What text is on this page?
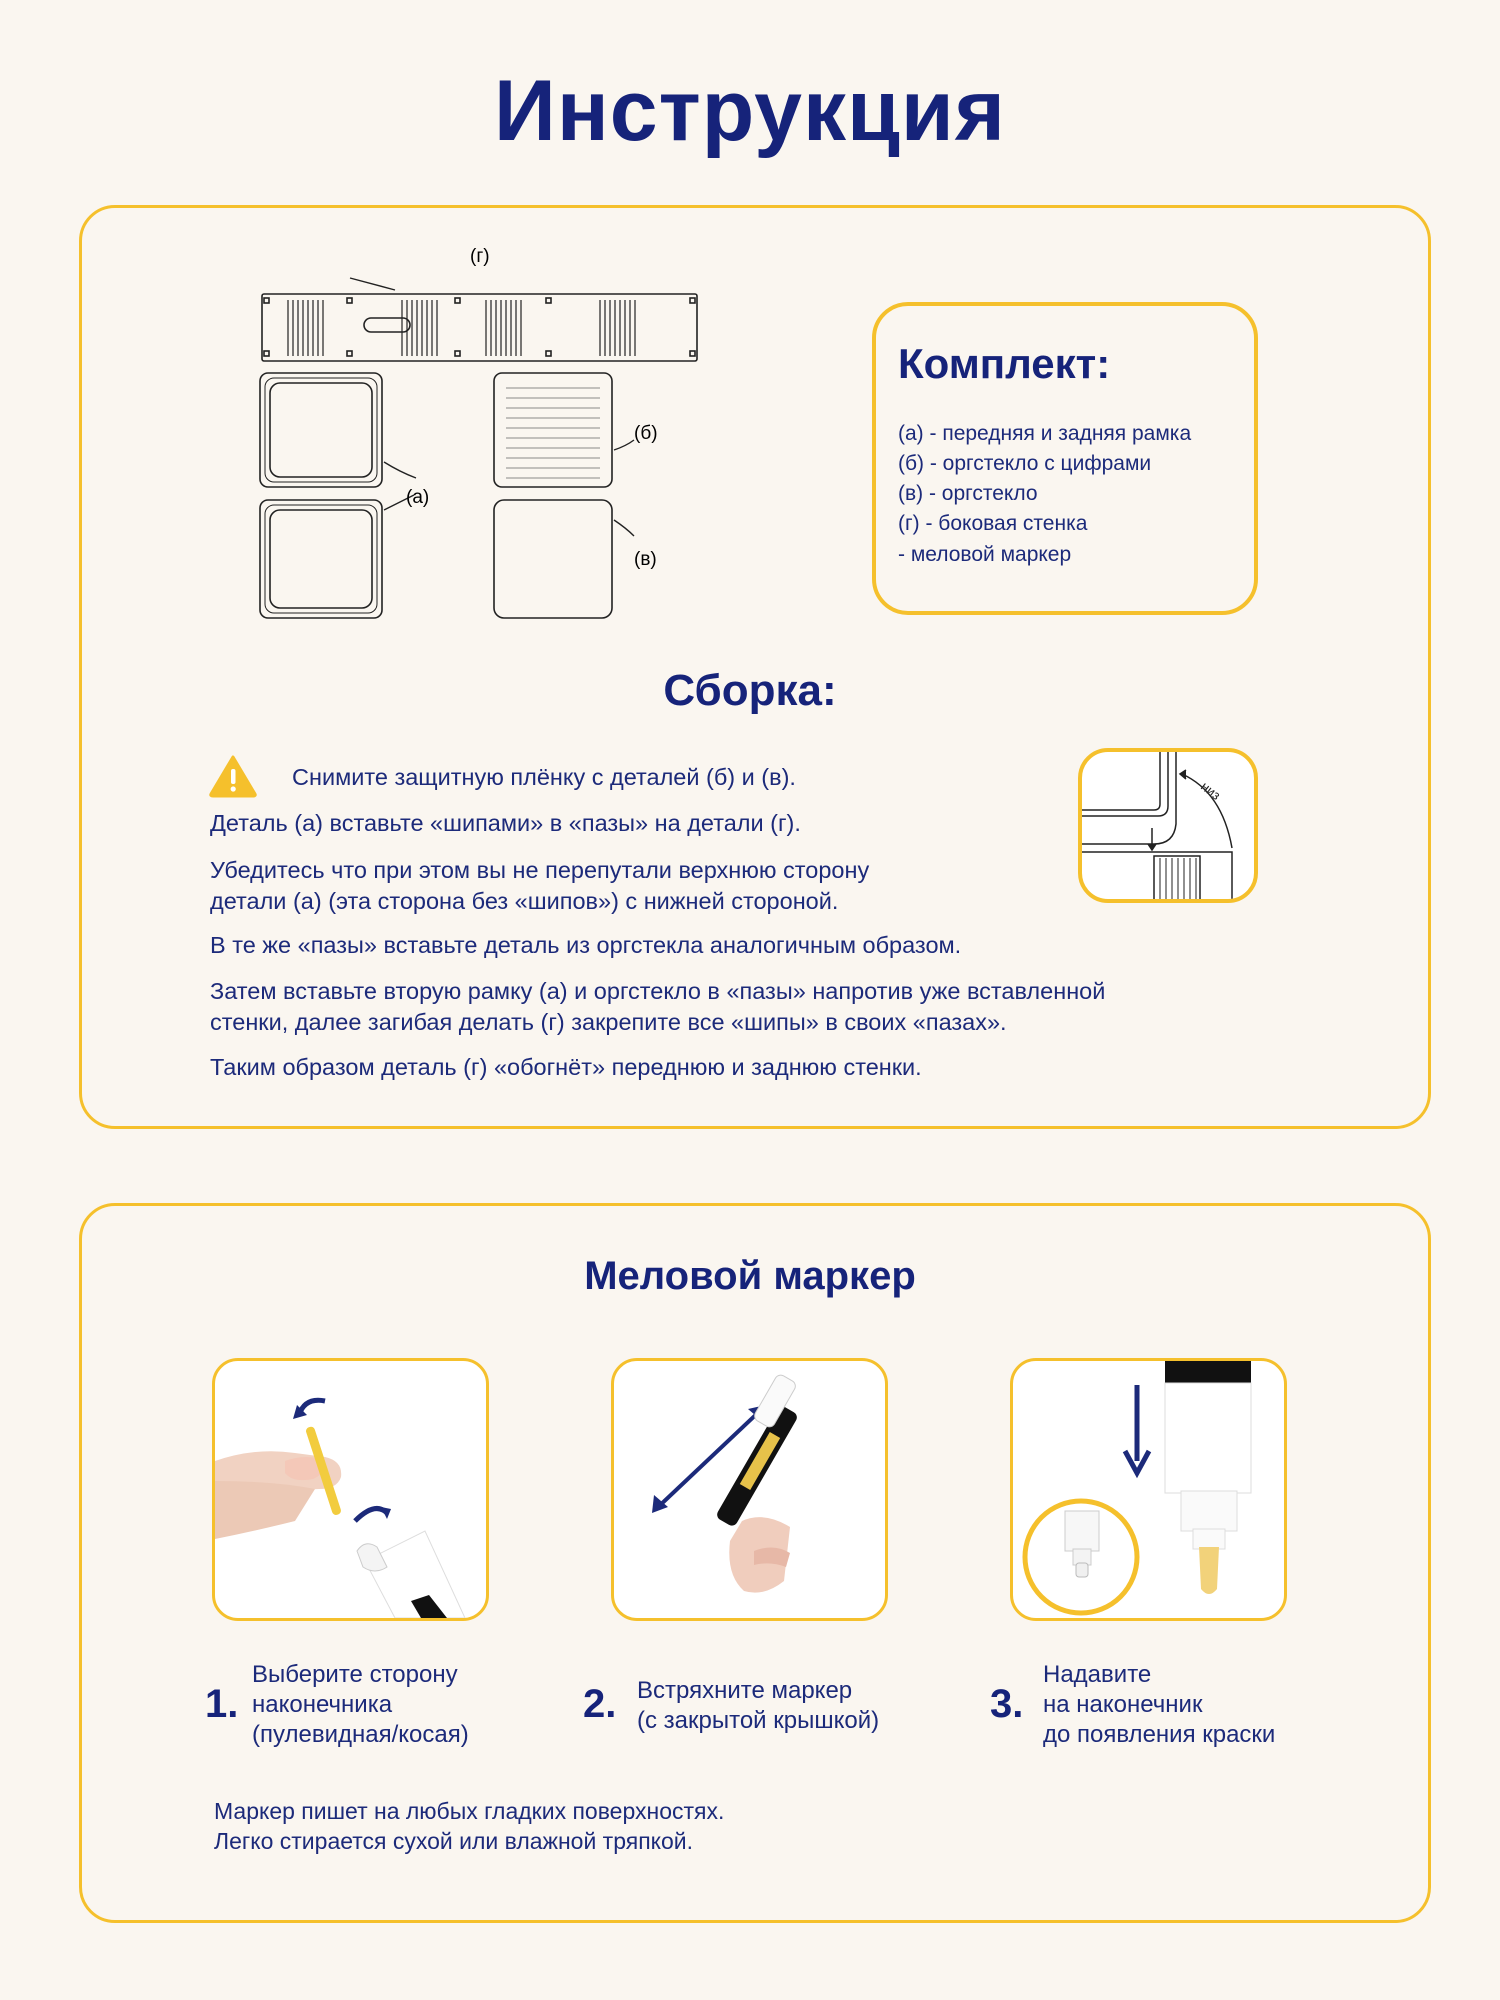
Инструкция
(г)
(а)
(б)
(в)
Комплект:
(а) - передняя и задняя рамка
(б) - оргстекло с цифрами
(в) - оргстекло
(г) - боковая стенка
- меловой маркер
Сборка:
Снимите защитную плёнку с деталей (б) и (в).
Деталь (а) вставьте «шипами» в «пазы» на детали (г).
Убедитесь что при этом вы не перепутали верхнюю сторону
детали (а) (эта сторона без «шипов») с нижней стороной.
В те же «пазы» вставьте деталь из оргстекла аналогичным образом.
Затем вставьте вторую рамку (а) и оргстекло в «пазы» напротив уже вставленной
стенки, далее загибая делать (г) закрепите все «шипы» в своих «пазах».
Таким образом деталь (г) «обогнёт» переднюю и заднюю стенки.
низ
Меловой маркер
1.
Выберите сторону
наконечника
(пулевидная/косая)
2. Встряхните маркер
(с закрытой крышкой)	3.
Надавите
на наконечник
до появления краски
Маркер пишет на любых гладких поверхностях.
Легко стирается сухой или влажной тряпкой.
